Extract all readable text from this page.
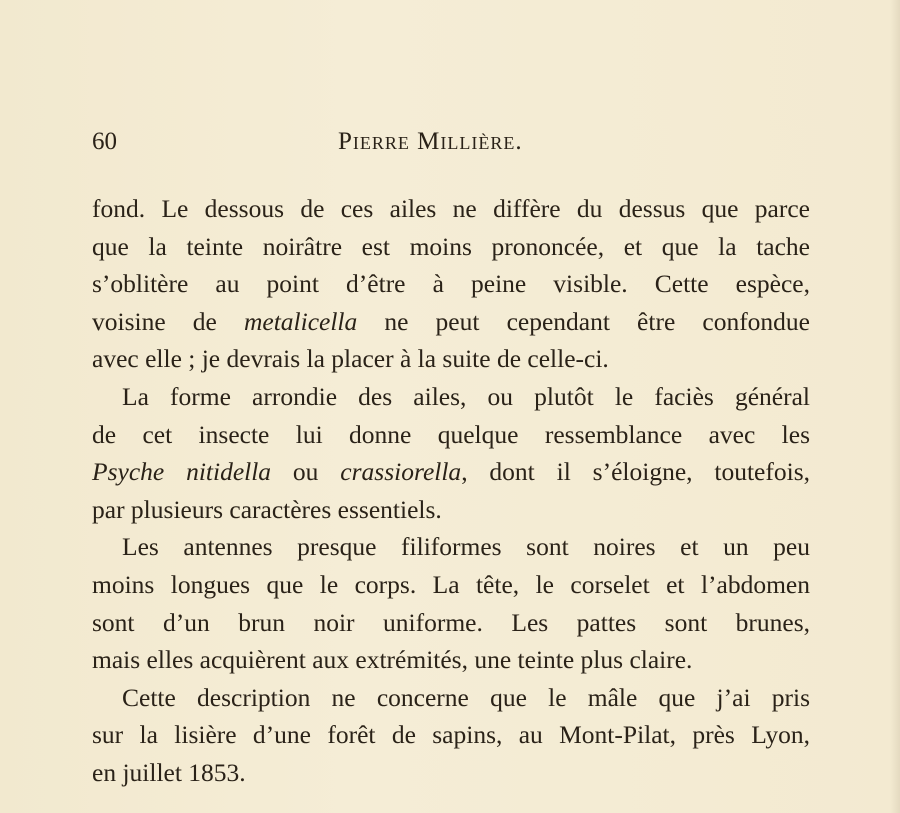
60	Pierre Millière.
fond. Le dessous de ces ailes ne diffère du dessus que parce
que la teinte noirâtre est moins prononcée, et que la tache
s’oblitère au point d’être à peine visible. Cette espèce,
voisine de metalicella ne peut cependant être confondue
avec elle ; je devrais la placer à la suite de celle-ci.
La forme arrondie des ailes, ou plutôt le faciès général
de cet insecte lui donne quelque ressemblance avec les
Psyche nitidella ou crassiorella, dont il s’éloigne, toutefois,
par plusieurs caractères essentiels.
Les antennes presque filiformes sont noires et un peu
moins longues que le corps. La tête, le corselet et l’abdomen
sont d’un brun noir uniforme. Les pattes sont brunes,
mais elles acquièrent aux extrémités, une teinte plus claire.
Cette description ne concerne que le mâle que j’ai pris
sur la lisière d’une forêt de sapins, au Mont-Pilat, près Lyon,
en juillet 1853.
